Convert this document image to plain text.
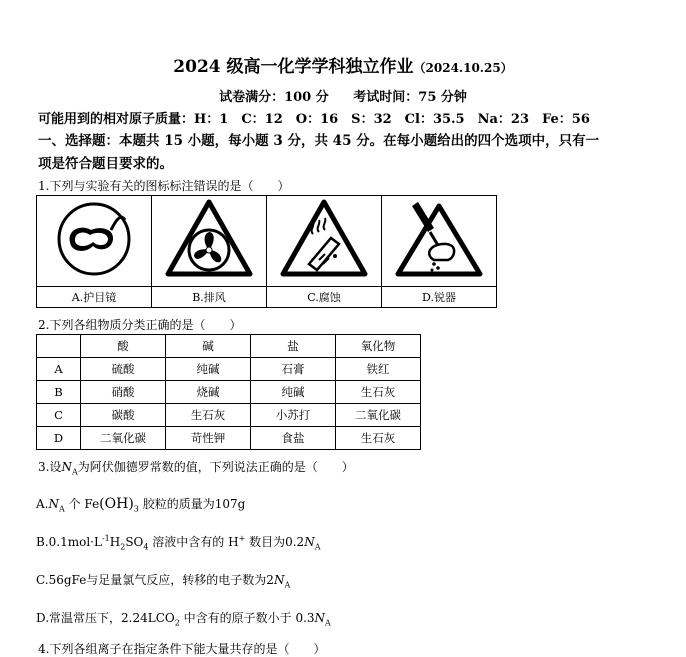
2024 级高一化学学科独立作业（2024.10.25）
试卷满分：100 分 考试时间：75 分钟
可能用到的相对原子质量：H：1　C：12　O：16　S：32　Cl：35.5　Na：23　Fe：56
一、选择题：本题共 15 小题，每小题 3 分，共 45 分。在每小题给出的四个选项中，只有一
项是符合题目要求的。
1.下列与实验有关的图标标注错误的是（　　）

A.护目镜	B.排风	C.腐蚀	D.锐器
2.下列各组物质分类正确的是（　　）
	酸	碱	盐	氧化物
A	硫酸	纯碱	石膏	铁红
B	硝酸	烧碱	纯碱	生石灰
C	碳酸	生石灰	小苏打	二氧化碳
D	二氧化碳	苛性钾	食盐	生石灰
3.设$N_A$为阿伏伽德罗常数的值，下列说法正确的是（　　）
$A.N_A$ 个 $Fe(OH)_3$ 胶粒的质量为107g
$B.0.1mol\cdot L^{-1}H_2SO_4$ 溶液中含有的 H+ 数目为$0.2N_A$
C.56gFe与足量氯气反应，转移的电子数为$2N_A$
D.常温常压下，$2.24LCO_2$ 中含有的原子数小于 $0.3N_A$
4.下列各组离子在指定条件下能大量共存的是（　　）
